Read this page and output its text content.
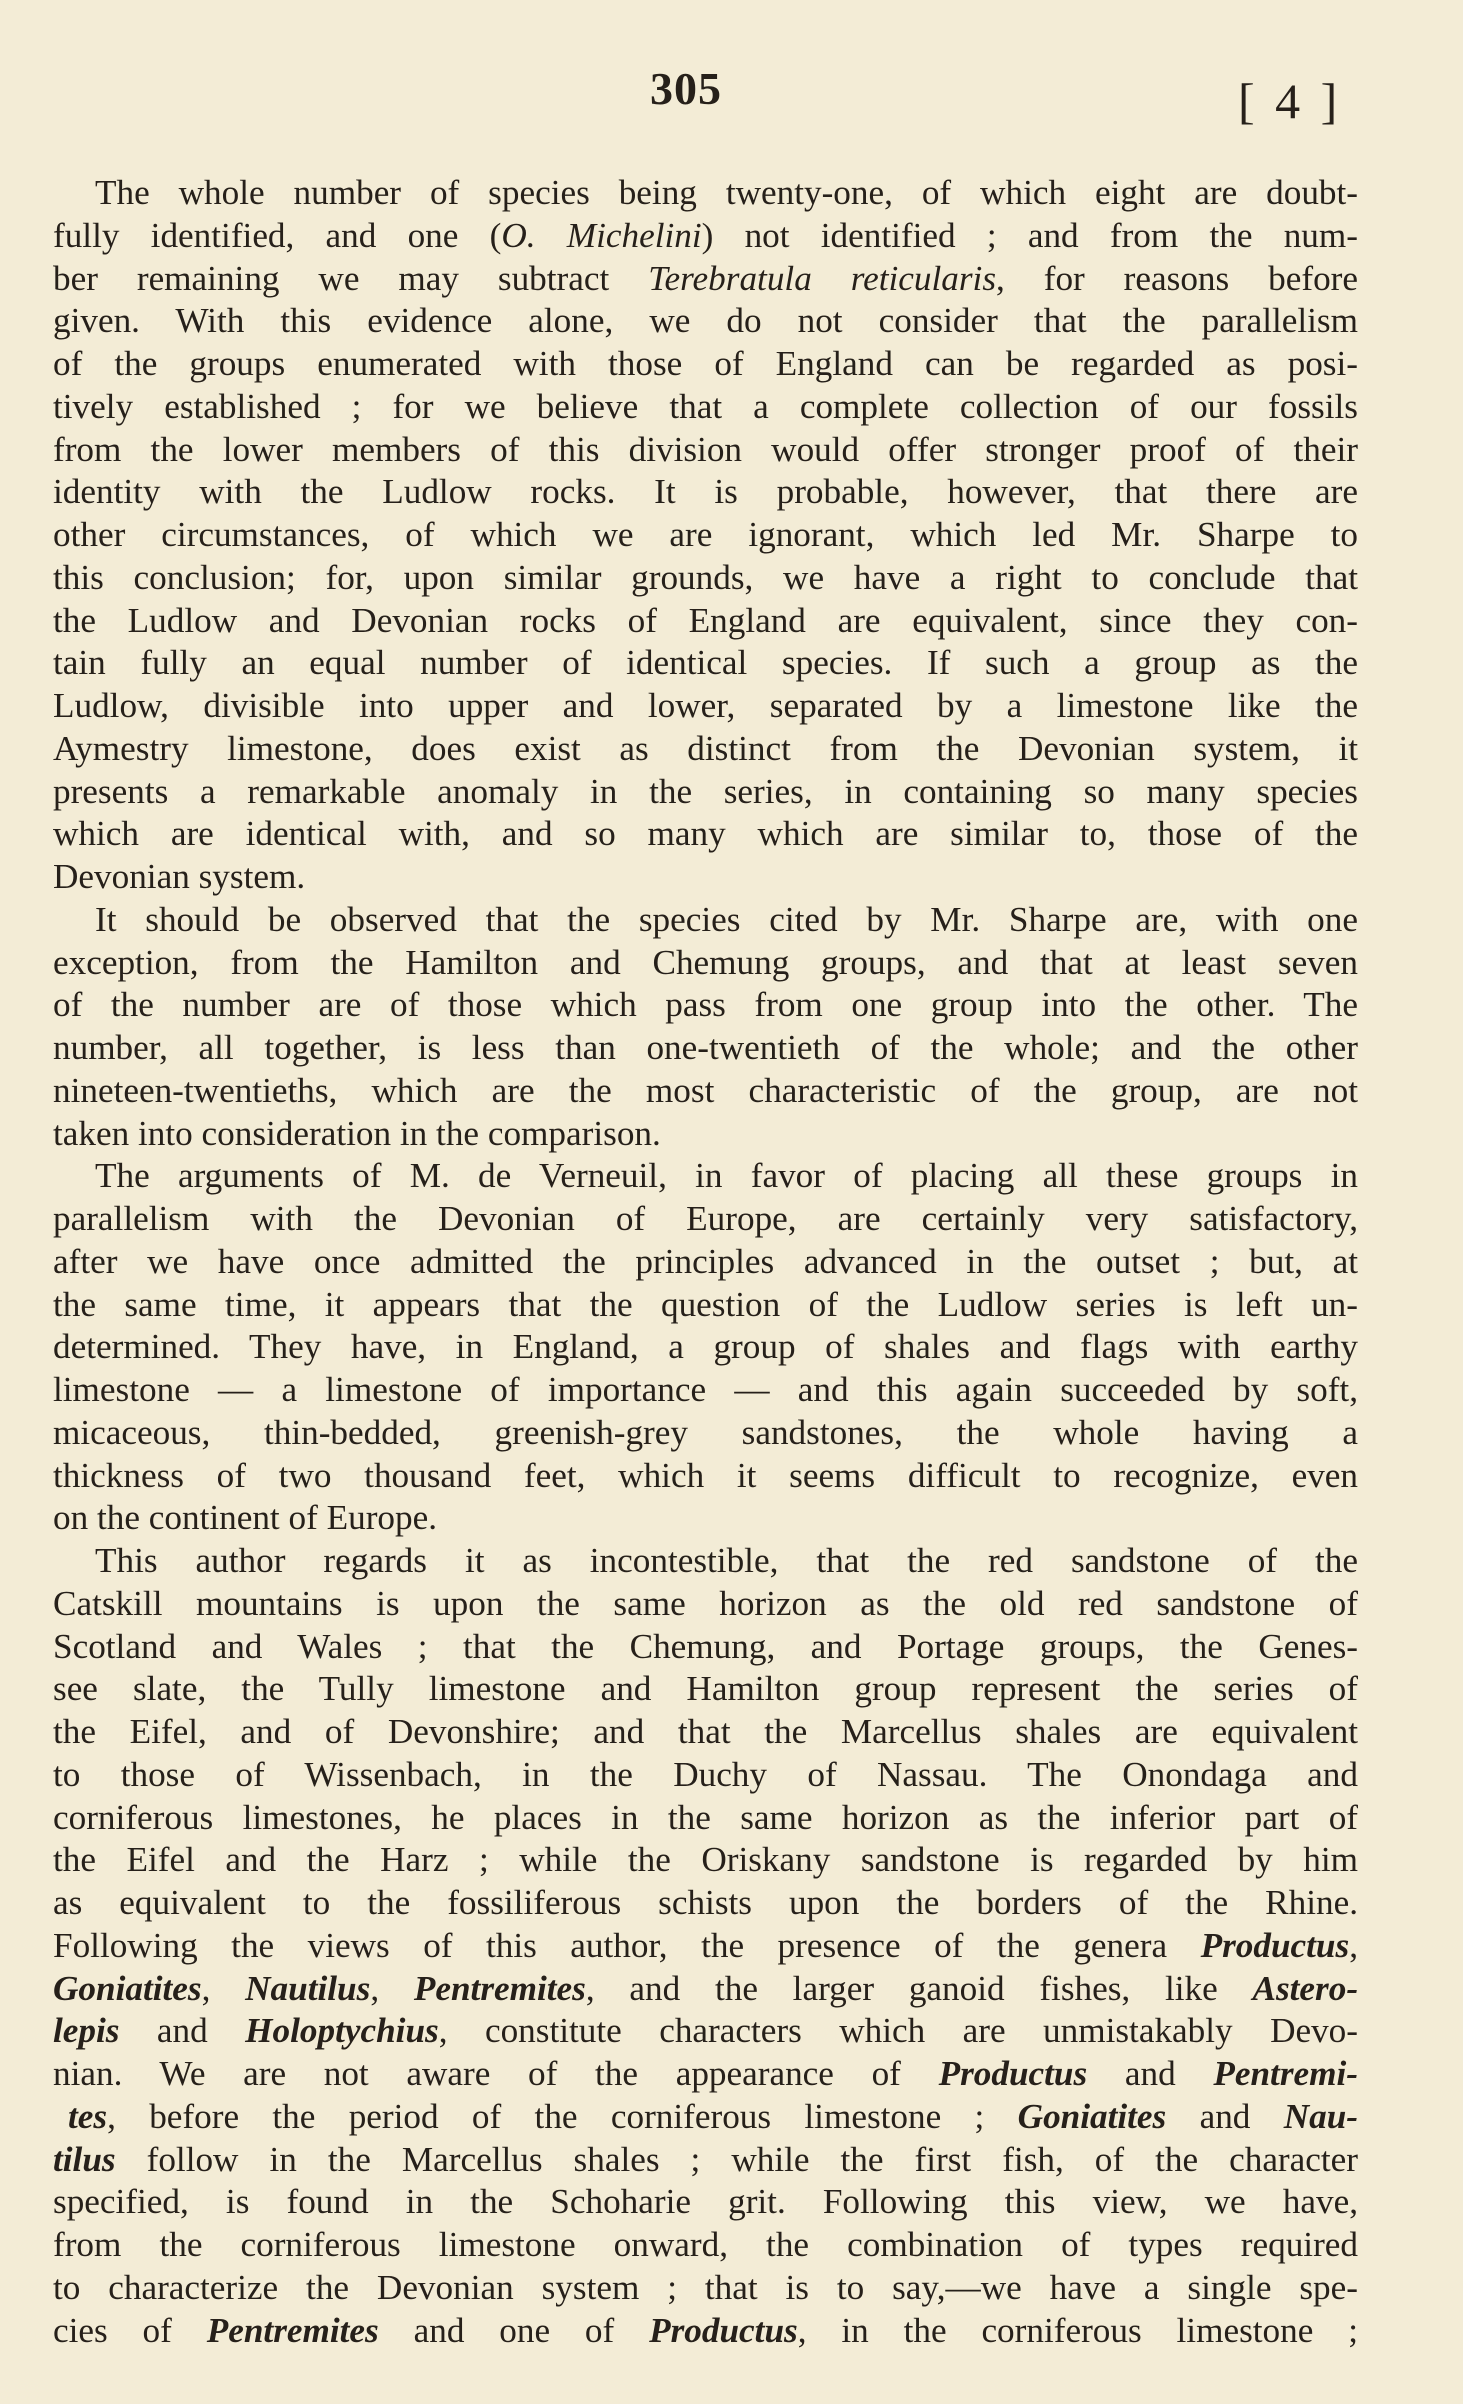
305	[ 4 ]
The whole number of species being twenty-one, of which eight are doubt-
fully identified, and one (O. Michelini) not identified ; and from the num-
ber remaining we may subtract Terebratula reticularis, for reasons before
given. With this evidence alone, we do not consider that the parallelism
of the groups enumerated with those of England can be regarded as posi-
tively established ; for we believe that a complete collection of our fossils
from the lower members of this division would offer stronger proof of their
identity with the Ludlow rocks. It is probable, however, that there are
other circumstances, of which we are ignorant, which led Mr. Sharpe to
this conclusion; for, upon similar grounds, we have a right to conclude that
the Ludlow and Devonian rocks of England are equivalent, since they con-
tain fully an equal number of identical species. If such a group as the
Ludlow, divisible into upper and lower, separated by a limestone like the
Aymestry limestone, does exist as distinct from the Devonian system, it
presents a remarkable anomaly in the series, in containing so many species
which are identical with, and so many which are similar to, those of the
Devonian system.
It should be observed that the species cited by Mr. Sharpe are, with one
exception, from the Hamilton and Chemung groups, and that at least seven
of the number are of those which pass from one group into the other. The
number, all together, is less than one-twentieth of the whole; and the other
nineteen-twentieths, which are the most characteristic of the group, are not
taken into consideration in the comparison.
The arguments of M. de Verneuil, in favor of placing all these groups in
parallelism with the Devonian of Europe, are certainly very satisfactory,
after we have once admitted the principles advanced in the outset ; but, at
the same time, it appears that the question of the Ludlow series is left un-
determined. They have, in England, a group of shales and flags with earthy
limestone — a limestone of importance — and this again succeeded by soft,
micaceous, thin-bedded, greenish-grey sandstones, the whole having a
thickness of two thousand feet, which it seems difficult to recognize, even
on the continent of Europe.
This author regards it as incontestible, that the red sandstone of the
Catskill mountains is upon the same horizon as the old red sandstone of
Scotland and Wales ; that the Chemung, and Portage groups, the Genes-
see slate, the Tully limestone and Hamilton group represent the series of
the Eifel, and of Devonshire; and that the Marcellus shales are equivalent
to those of Wissenbach, in the Duchy of Nassau. The Onondaga and
corniferous limestones, he places in the same horizon as the inferior part of
the Eifel and the Harz ; while the Oriskany sandstone is regarded by him
as equivalent to the fossiliferous schists upon the borders of the Rhine.
Following the views of this author, the presence of the genera Productus,
Goniatites, Nautilus, Pentremites, and the larger ganoid fishes, like Astero-
lepis and Holoptychius, constitute characters which are unmistakably Devo-
nian. We are not aware of the appearance of Productus and Pentremi-
tes, before the period of the corniferous limestone ; Goniatites and Nau-
tilus follow in the Marcellus shales ; while the first fish, of the character
specified, is found in the Schoharie grit. Following this view, we have,
from the corniferous limestone onward, the combination of types required
to characterize the Devonian system ; that is to say,—we have a single spe-
cies of Pentremites and one of Productus, in the corniferous limestone ;
